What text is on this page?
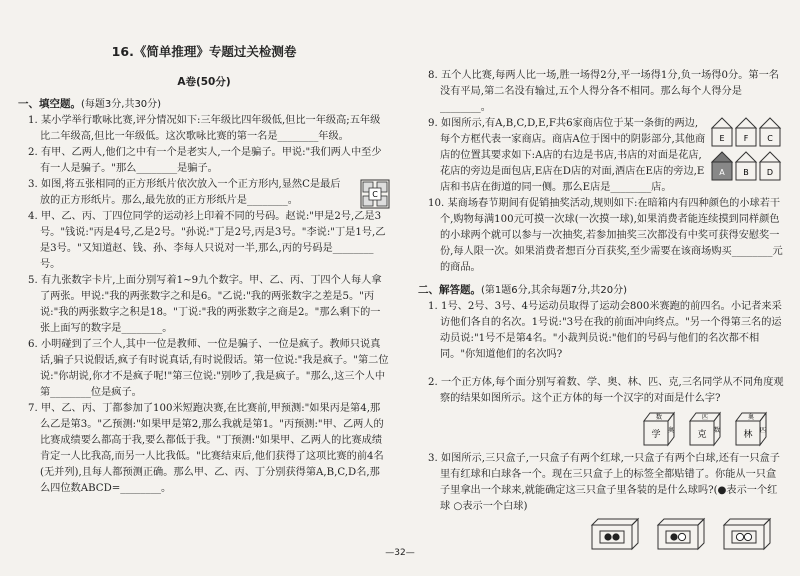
16.《简单推理》专题过关检测卷
A卷(50分)
一、填空题。(每题3分,共30分)

1. 某小学举行歌咏比赛,评分情况如下:三年级比四年级低,但比一年级高;五年级比二年级高,但比一年级低。这次歌咏比赛的第一名是________年级。

2. 有甲、乙两人,他们之中有一个是老实人,一个是骗子。甲说:"我们两人中至少有一人是骗子。"那么________是骗子。

3. 如图,将五张相同的正方形纸片依次放入一个正方形内,显然C是最后放的正方形纸片。那么,最先放的正方形纸片是________。

C

4. 甲、乙、丙、丁四位同学的运动衫上印着不同的号码。赵说:"甲是2号,乙是3号。"钱说:"丙是4号,乙是2号。"孙说:"丁是2号,丙是3号。"李说:"丁是1号,乙是3号。"又知道赵、钱、孙、李每人只说对一半,那么,丙的号码是________号。

5. 有九张数字卡片,上面分别写着1~9九个数字。甲、乙、丙、丁四个人每人拿了两张。甲说:"我的两张数字之和是6。"乙说:"我的两张数字之差是5。"丙说:"我的两张数字之积是18。"丁说:"我的两张数字之商是2。"那么剩下的一张上面写的数字是________。

6. 小明碰到了三个人,其中一位是教师、一位是骗子、一位是疯子。教师只说真话,骗子只说假话,疯子有时说真话,有时说假话。第一位说:"我是疯子。"第二位说:"你胡说,你才不是疯子呢!"第三位说:"别吵了,我是疯子。"那么,这三个人中第________位是疯子。

7. 甲、乙、丙、丁都参加了100米短跑决赛,在比赛前,甲预测:"如果丙是第4,那么乙是第3。"乙预测:"如果甲是第2,那么我就是第1。"丙预测:"甲、乙两人的比赛成绩要么都高于我,要么都低于我。"丁预测:"如果甲、乙两人的比赛成绩肯定一人比我高,而另一人比我低。"比赛结束后,他们获得了这项比赛的前4名(无并列),且每人都预测正确。那么甲、乙、丙、丁分别获得第A,B,C,D名,那么四位数ABCD=________。

8. 五个人比赛,每两人比一场,胜一场得2分,平一场得1分,负一场得0分。第一名没有平局,第二名没有输过,五个人得分各不相同。那么每个人得分是________。

9. 如图所示,有A,B,C,D,E,F共6家商店位于某一条街的两边,每个方框代表一家商店。商店A位于图中的阴影部分,其他商店的位置其要求如下:A店的右边是书店,书店的对面是花店,花店的旁边是面包店,E店在D店的对面,酒店在E店的旁边,E店和书店在街道的同一侧。那么E店是________店。

E F C
A B D

10. 某商场春节期间有促销抽奖活动,规则如下:在暗箱内有四种颜色的小球若干个,购物每满100元可摸一次球(一次摸一球),如果消费者能连续摸到同样颜色的小球两个就可以参与一次抽奖,若参加抽奖三次都没有中奖可获得安慰奖一份,每人限一次。如果消费者想百分百获奖,至少需要在该商场购买________元的商品。

二、解答题。(第1题6分,其余每题7分,共20分)

1. 1号、2号、3号、4号运动员取得了运动会800米赛跑的前四名。小记者来采访他们各自的名次。1号说:"3号在我的前面冲向终点。"另一个得第三名的运动员说:"1号不是第4名。"小裁判员说:"他们的号码与他们的名次都不相同。"你知道他们的名次吗?

2. 一个正方体,每个面分别写着数、学、奥、林、匹、克,三名同学从不同角度观察的结果如图所示。这个正方体的每一个汉字的对面是什么字?

数
学 奥
匹
克 数
奥
林 匹

3. 如图所示,三只盒子,一只盒子有两个红球,一只盒子有两个白球,还有一只盒子里有红球和白球各一个。现在三只盒子上的标签全都贴错了。你能从一只盒子里拿出一个球来,就能确定这三只盒子里各装的是什么球吗?(●表示一个红球 ○表示一个白球)

—32—
